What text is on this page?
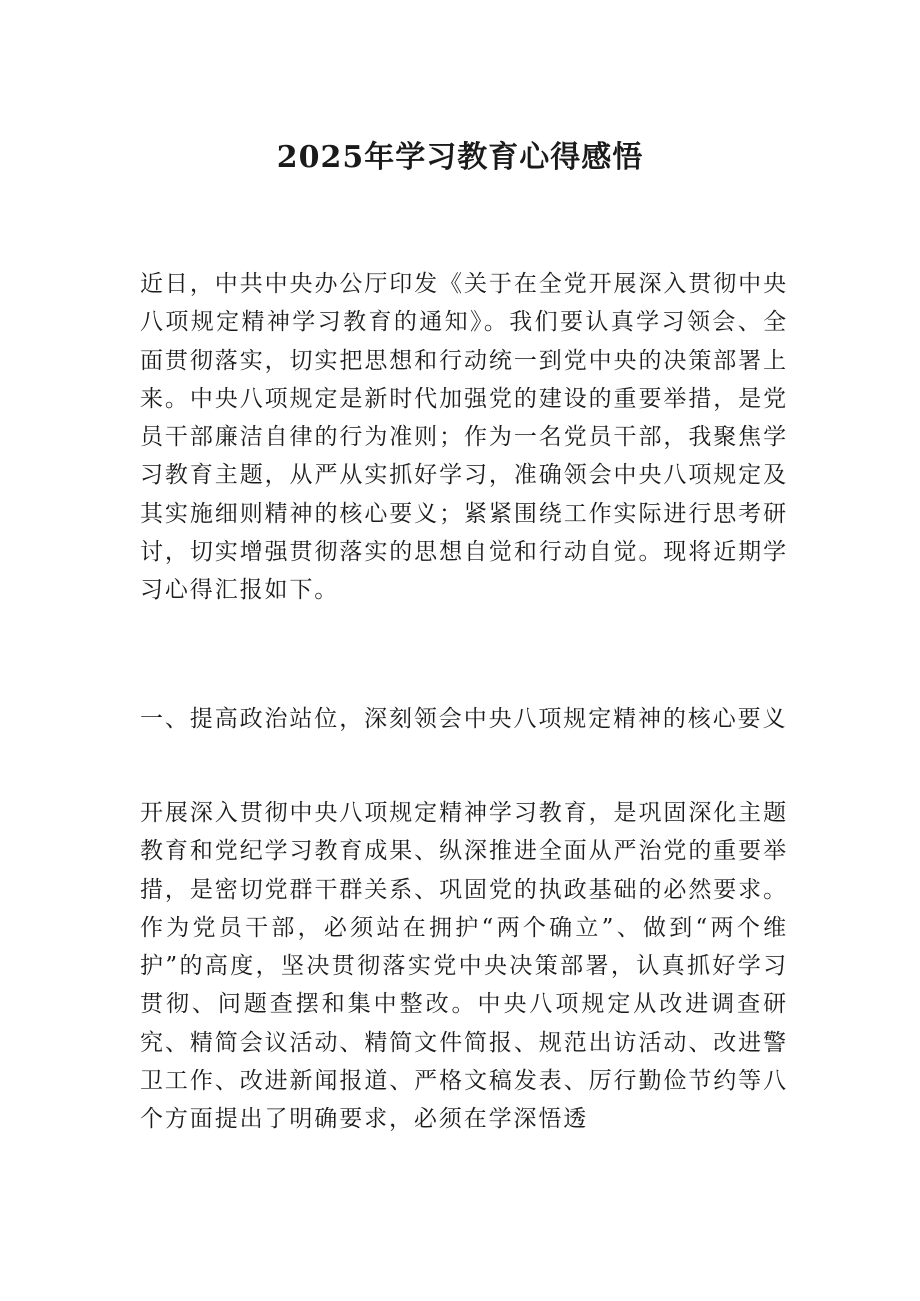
2025年学习教育心得感悟

近日，中共中央办公厅印发《关于在全党开展深入贯彻中央八项规定精神学习教育的通知》。我们要认真学习领会、全面贯彻落实，切实把思想和行动统一到党中央的决策部署上来。中央八项规定是新时代加强党的建设的重要举措，是党员干部廉洁自律的行为准则；作为一名党员干部，我聚焦学习教育主题，从严从实抓好学习，准确领会中央八项规定及其实施细则精神的核心要义；紧紧围绕工作实际进行思考研讨，切实增强贯彻落实的思想自觉和行动自觉。现将近期学习心得汇报如下。

一、提高政治站位，深刻领会中央八项规定精神的核心要义

开展深入贯彻中央八项规定精神学习教育，是巩固深化主题教育和党纪学习教育成果、纵深推进全面从严治党的重要举措，是密切党群干群关系、巩固党的执政基础的必然要求。作为党员干部，必须站在拥护“两个确立”、做到“两个维护”的高度，坚决贯彻落实党中央决策部署，认真抓好学习贯彻、问题查摆和集中整改。中央八项规定从改进调查研究、精简会议活动、精简文件简报、规范出访活动、改进警卫工作、改进新闻报道、严格文稿发表、厉行勤俭节约等八个方面提出了明确要求，必须在学深悟透
